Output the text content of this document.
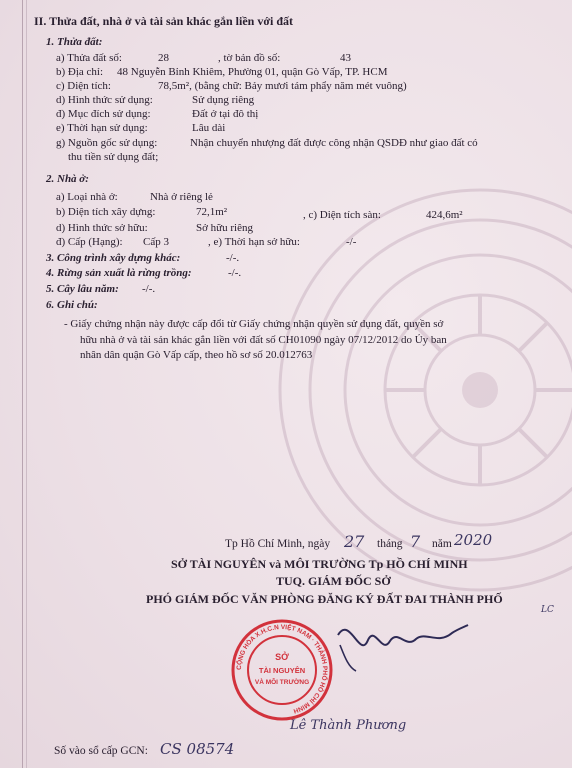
II. Thửa đất, nhà ở và tài sản khác gắn liền với đất
1. Thửa đất:
a) Thửa đất số:	28	, tờ bản đồ số:	43
b) Địa chỉ: 48 Nguyễn Bỉnh Khiêm, Phường 01, quận Gò Vấp, TP. HCM
c) Diện tích:	78,5m², (bằng chữ: Bảy mươi tám phẩy năm mét vuông)
d) Hình thức sử dụng:	Sử dụng riêng
đ) Mục đích sử dụng:	Đất ở tại đô thị
e) Thời hạn sử dụng:	Lâu dài
g) Nguồn gốc sử dụng:	Nhận chuyển nhượng đất được công nhận QSDĐ như giao đất có
thu tiền sử dụng đất;
2. Nhà ở:
a) Loại nhà ở:	Nhà ở riêng lẻ
b) Diện tích xây dựng:	72,1m²	, c) Diện tích sàn:	424,6m²
d) Hình thức sở hữu:	Sở hữu riêng
đ) Cấp (Hạng): Cấp 3	, e) Thời hạn sở hữu:	-/-
3. Công trình xây dựng khác:	-/-.
4. Rừng sản xuất là rừng trồng:	-/-.
5. Cây lâu năm: -/-.
6. Ghi chú:
- Giấy chứng nhận này được cấp đổi từ Giấy chứng nhận quyền sử dụng đất, quyền sở
hữu nhà ở và tài sản khác gắn liền với đất số CH01090 ngày 07/12/2012 do Ủy ban
nhân dân quận Gò Vấp cấp, theo hồ sơ số 20.012763
Tp Hồ Chí Minh, ngày 27 tháng 7 năm 2020
SỞ TÀI NGUYÊN và MÔI TRƯỜNG Tp HỒ CHÍ MINH
TUQ. GIÁM ĐỐC SỞ
PHÓ GIÁM ĐỐC VĂN PHÒNG ĐĂNG KÝ ĐẤT ĐAI THÀNH PHỐ
LC
Lê Thành Phương
CỘNG HÒA X.H.C.N VIỆT NAM · THÀNH PHỐ HỒ CHÍ MINH
SỞ
TÀI NGUYÊN
VÀ MÔI TRƯỜNG
Số vào sổ cấp GCN: CS 08574
